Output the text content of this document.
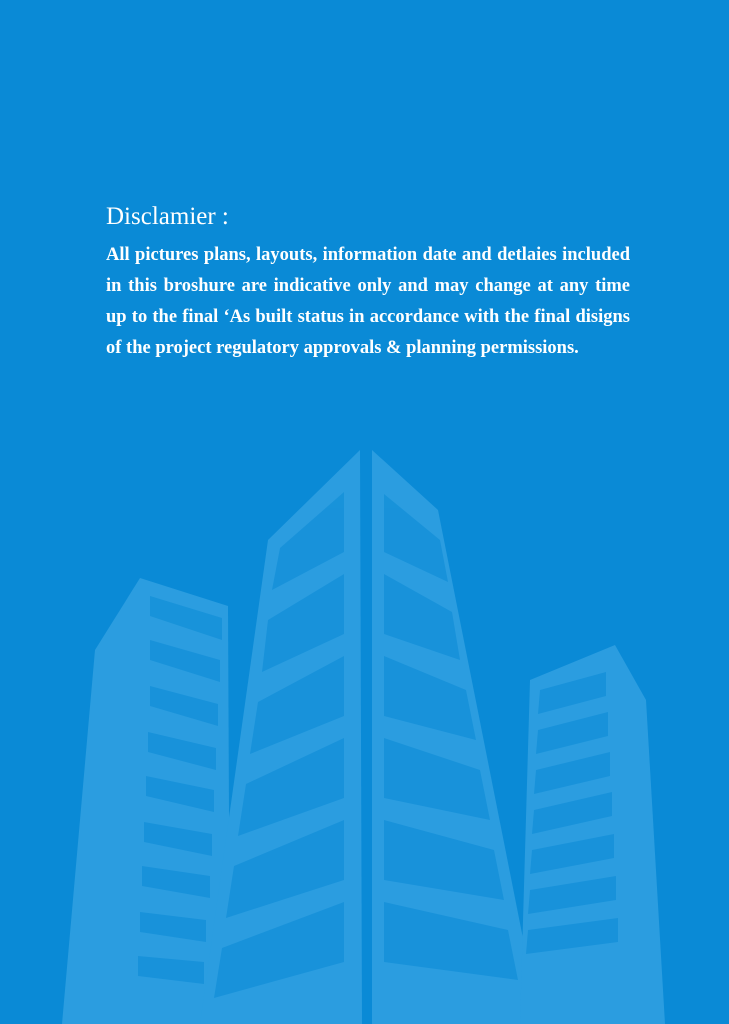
Disclamier :

All pictures plans, layouts, information date and detlaies included in this broshure are indicative only and may change at any time up to the final ‘As built status in accordance with the final disigns of the project regulatory approvals & planning permissions.
